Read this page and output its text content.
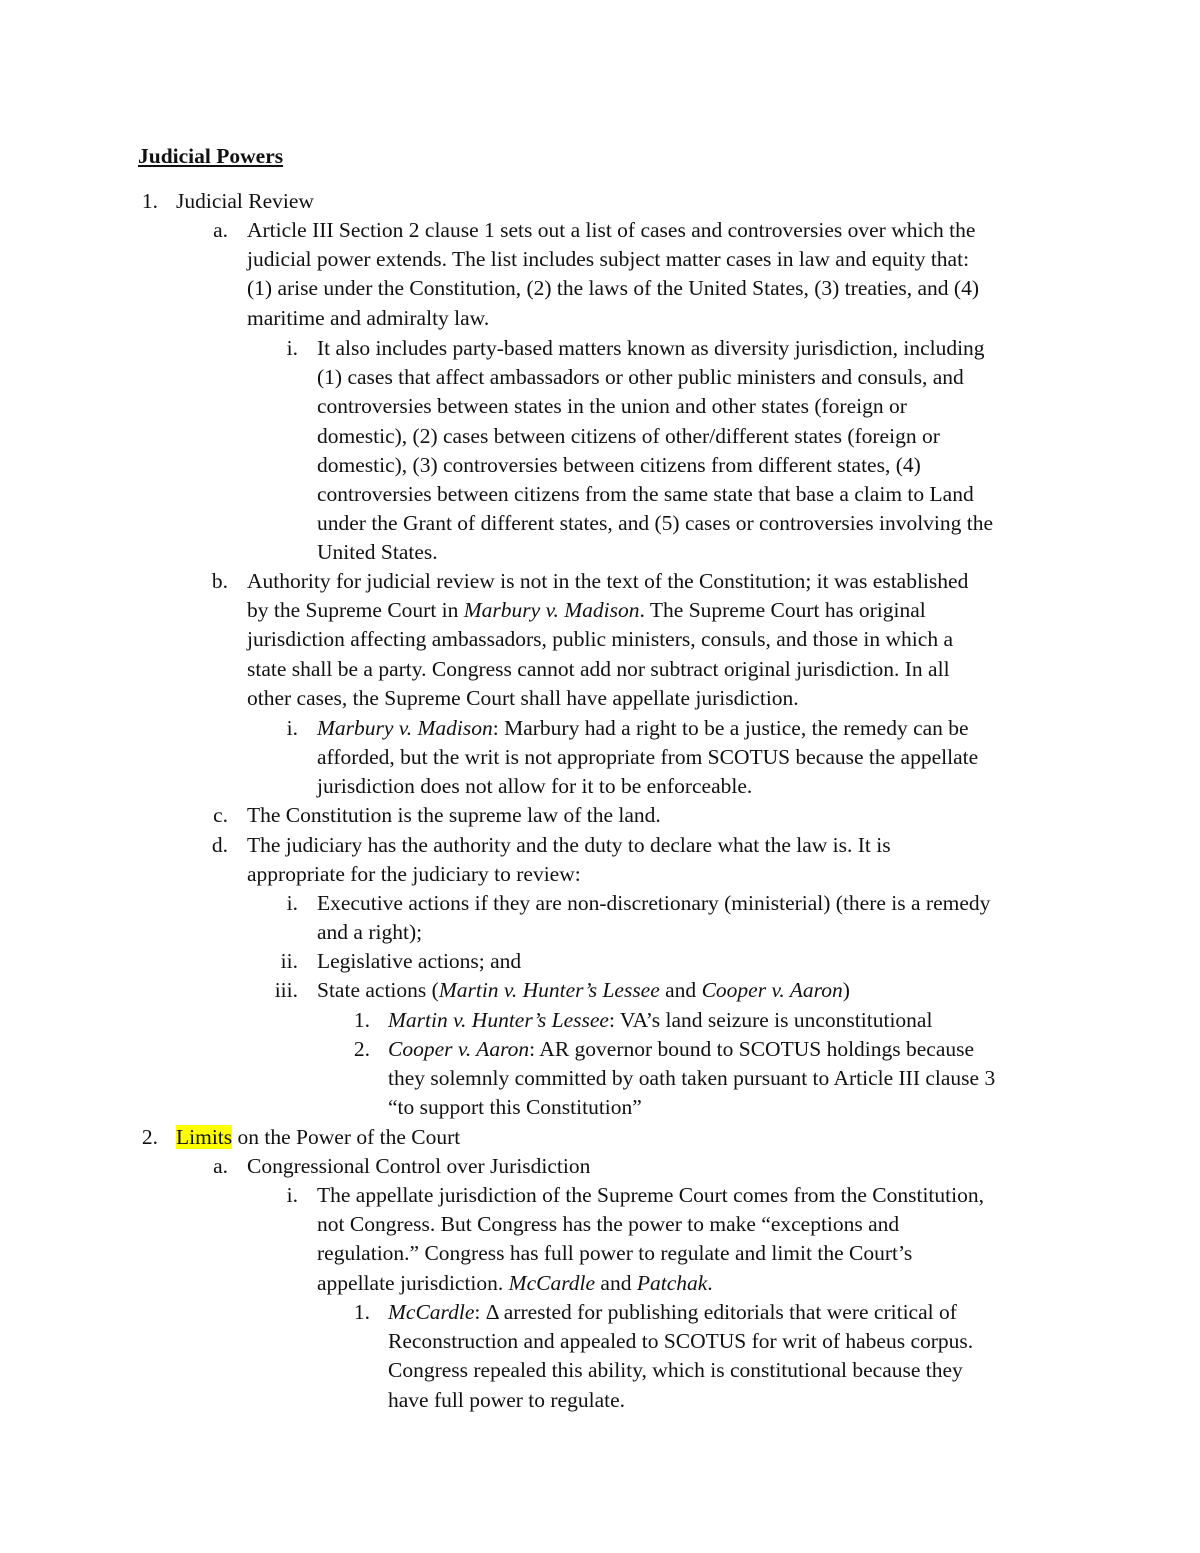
Judicial Powers
1. Judicial Review
a. Article III Section 2 clause 1 sets out a list of cases and controversies over which the
judicial power extends. The list includes subject matter cases in law and equity that:
(1) arise under the Constitution, (2) the laws of the United States, (3) treaties, and (4)
maritime and admiralty law.
i. It also includes party-based matters known as diversity jurisdiction, including
(1) cases that affect ambassadors or other public ministers and consuls, and
controversies between states in the union and other states (foreign or
domestic), (2) cases between citizens of other/different states (foreign or
domestic), (3) controversies between citizens from different states, (4)
controversies between citizens from the same state that base a claim to Land
under the Grant of different states, and (5) cases or controversies involving the
United States.
b. Authority for judicial review is not in the text of the Constitution; it was established
by the Supreme Court in Marbury v. Madison. The Supreme Court has original
jurisdiction affecting ambassadors, public ministers, consuls, and those in which a
state shall be a party. Congress cannot add nor subtract original jurisdiction. In all
other cases, the Supreme Court shall have appellate jurisdiction.
i. Marbury v. Madison: Marbury had a right to be a justice, the remedy can be
afforded, but the writ is not appropriate from SCOTUS because the appellate
jurisdiction does not allow for it to be enforceable.
c. The Constitution is the supreme law of the land.
d. The judiciary has the authority and the duty to declare what the law is. It is
appropriate for the judiciary to review:
i. Executive actions if they are non-discretionary (ministerial) (there is a remedy
and a right);
ii. Legislative actions; and
iii. State actions (Martin v. Hunter’s Lessee and Cooper v. Aaron)
1. Martin v. Hunter’s Lessee: VA’s land seizure is unconstitutional
2. Cooper v. Aaron: AR governor bound to SCOTUS holdings because
they solemnly committed by oath taken pursuant to Article III clause 3
“to support this Constitution”
2. Limits on the Power of the Court
a. Congressional Control over Jurisdiction
i. The appellate jurisdiction of the Supreme Court comes from the Constitution,
not Congress. But Congress has the power to make “exceptions and
regulation.” Congress has full power to regulate and limit the Court’s
appellate jurisdiction. McCardle and Patchak.
1. McCardle: Δ arrested for publishing editorials that were critical of
Reconstruction and appealed to SCOTUS for writ of habeus corpus.
Congress repealed this ability, which is constitutional because they
have full power to regulate.
